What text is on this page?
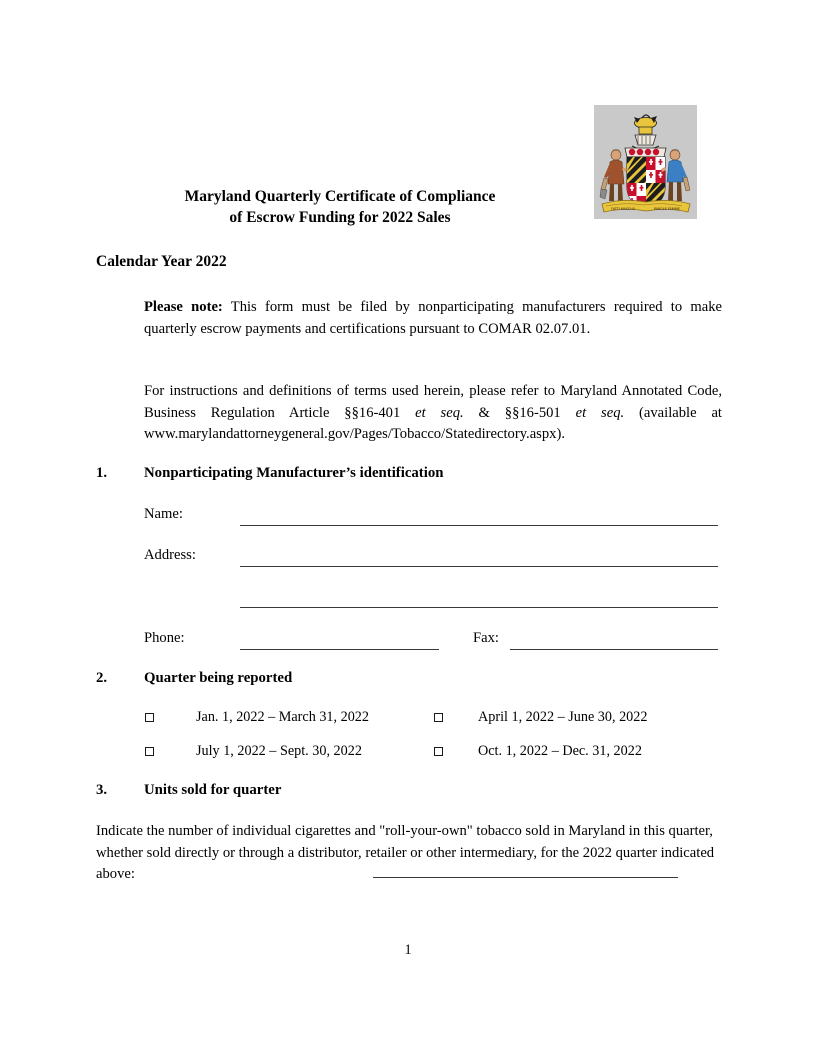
FATTI MASCHII	PAROLE FEMINE
Maryland Quarterly Certificate of Compliance
of Escrow Funding for 2022 Sales
Calendar Year 2022
Please note: This form must be filed by nonparticipating manufacturers required to make quarterly escrow payments and certifications pursuant to COMAR 02.07.01.
For instructions and definitions of terms used herein, please refer to Maryland Annotated Code, Business Regulation Article §§16-401 et seq. & §§16-501 et seq. (available at www.marylandattorneygeneral.gov/Pages/Tobacco/Statedirectory.aspx).
1. Nonparticipating Manufacturer’s identification
Name:
Address:
Phone:	Fax:
2. Quarter being reported
Jan. 1, 2022 – March 31, 2022	April 1, 2022 – June 30, 2022
July 1, 2022 – Sept. 30, 2022	Oct. 1, 2022 – Dec. 31, 2022
3. Units sold for quarter
Indicate the number of individual cigarettes and "roll-your-own" tobacco sold in Maryland in this quarter, whether sold directly or through a distributor, retailer or other intermediary, for the 2022 quarter indicated above:
1
